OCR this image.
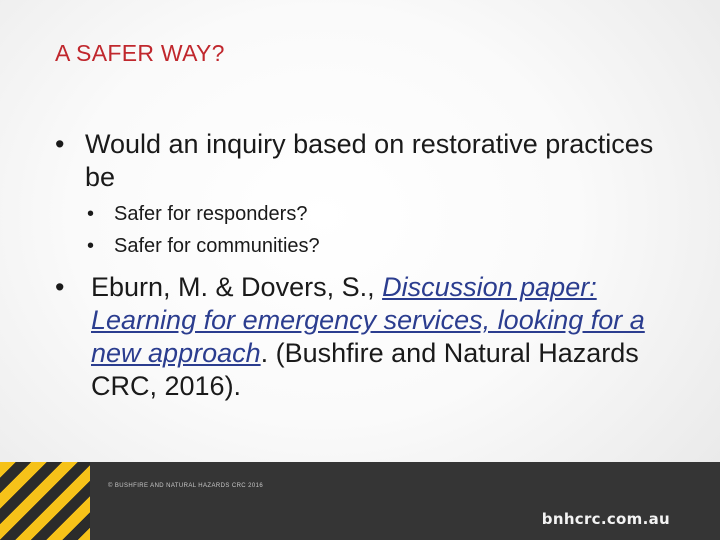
A SAFER WAY?
• Would an inquiry based on restorative practices be
• Safer for responders?
• Safer for communities?
• Eburn, M. & Dovers, S., Discussion paper: Learning for emergency services, looking for a new approach. (Bushfire and Natural Hazards CRC, 2016).
© BUSHFIRE AND NATURAL HAZARDS CRC 2016
bnhcrc.com.au
